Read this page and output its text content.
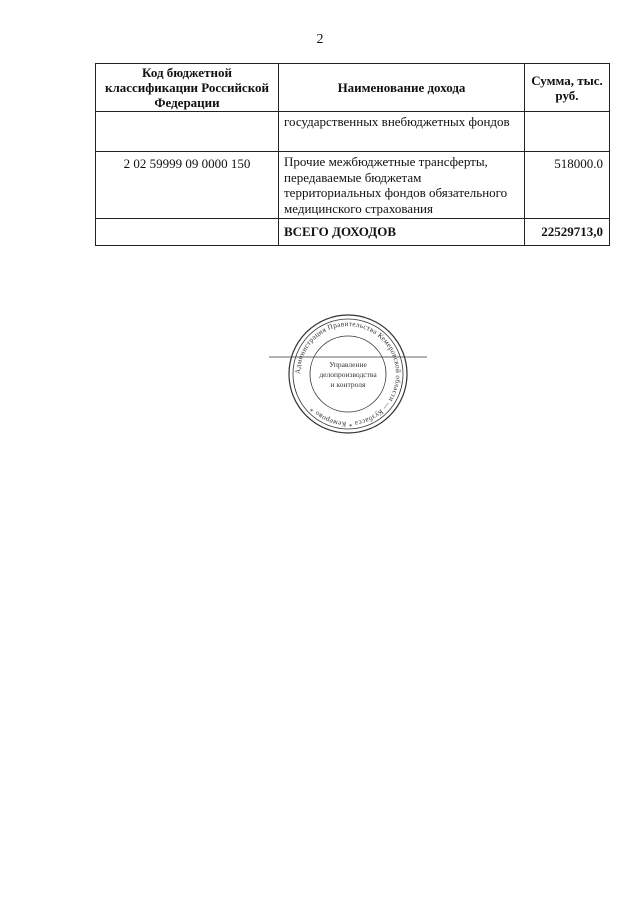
2
Код бюджетной классификации Российской Федерации	Наименование дохода	Сумма, тыс. руб.
	государственных внебюджетных фондов	
2 02 59999 09 0000 150	Прочие межбюджетные трансферты, передаваемые бюджетам территориальных фондов обязательного медицинского страхования	518000.0
	ВСЕГО ДОХОДОВ	22529713,0
Администрация Правительства Кемеровской области — Кузбасса * Кемерово *
Управление
делопроизводства
и контроля
